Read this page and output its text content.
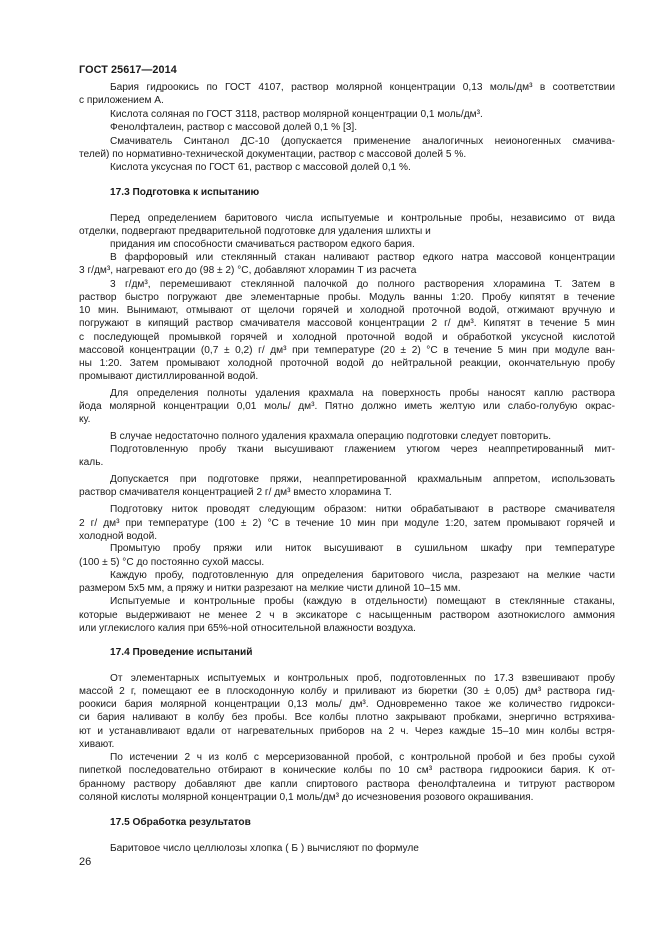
ГОСТ 25617—2014
Бария гидроокись по ГОСТ 4107, раствор молярной концентрации 0,13 моль/дм³ в соответствии
с приложением А.
Кислота соляная по ГОСТ 3118, раствор молярной концентрации 0,1 моль/дм³.
Фенолфталеин, раствор с массовой долей 0,1 % [3].
Смачиватель Синтанол ДС-10 (допускается применение аналогичных неионогенных смачива-
телей) по нормативно-технической документации, раствор с массовой долей 5 %.
Кислота уксусная по ГОСТ 61, раствор с массовой долей 0,1 %.
17.3 Подготовка к испытанию
Перед определением баритового числа испытуемые и контрольные пробы, независимо от вида
отделки, подвергают предварительной подготовке для удаления шлихты и
придания им способности смачиваться раствором едкого бария.
В фарфоровый или стеклянный стакан наливают раствор едкого натра массовой концентрации
3 г/дм³, нагревают его до (98 ± 2) °С, добавляют хлорамин Т из расчета
3 г/дм³, перемешивают стеклянной палочкой до полного растворения хлорамина Т. Затем в
раствор быстро погружают две элементарные пробы. Модуль ванны 1:20. Пробу кипятят в течение
10 мин. Вынимают, отмывают от щелочи горячей и холодной проточной водой, отжимают вручную и
погружают в кипящий раствор смачивателя массовой концентрации 2 г/ дм³. Кипятят в течение 5 мин
с последующей промывкой горячей и холодной проточной водой и обработкой уксусной кислотой
массовой концентрации (0,7 ± 0,2) г/ дм³ при температуре (20 ± 2) °С в течение 5 мин при модуле ван-
ны 1:20. Затем промывают холодной проточной водой до нейтральной реакции, окончательную пробу
промывают дистиллированной водой.
Для определения полноты удаления крахмала на поверхность пробы наносят каплю раствора
йода молярной концентрации 0,01 моль/ дм³. Пятно должно иметь желтую или слабо-голубую окрас-
ку.
В случае недостаточно полного удаления крахмала операцию подготовки следует повторить.
Подготовленную пробу ткани высушивают глажением утюгом через неаппретированный мит-
каль.
Допускается при подготовке пряжи, неаппретированной крахмальным аппретом, использовать
раствор смачивателя концентрацией 2 г/ дм³ вместо хлорамина Т.
Подготовку ниток проводят следующим образом: нитки обрабатывают в растворе смачивателя
2 г/ дм³ при температуре (100 ± 2) °С в течение 10 мин при модуле 1:20, затем промывают горячей и
холодной водой.
Промытую пробу пряжи или ниток высушивают в сушильном шкафу при температуре
(100 ± 5) °С до постоянно сухой массы.
Каждую пробу, подготовленную для определения баритового числа, разрезают на мелкие части
размером 5х5 мм, а пряжу и нитки разрезают на мелкие чисти длиной 10–15 мм.
Испытуемые и контрольные пробы (каждую в отдельности) помещают в стеклянные стаканы,
которые выдерживают не менее 2 ч в эксикаторе с насыщенным раствором азотнокислого аммония
или углекислого калия при 65%-ной относительной влажности воздуха.
17.4 Проведение испытаний
От элементарных испытуемых и контрольных проб, подготовленных по 17.3 взвешивают пробу
массой 2 г, помещают ее в плоскодонную колбу и приливают из бюретки (30 ± 0,05) дм³ раствора гид-
роокиси бария молярной концентрации 0,13 моль/ дм³. Одновременно такое же количество гидрокси-
си бария наливают в колбу без пробы. Все колбы плотно закрывают пробками, энергично встряхива-
ют и устанавливают вдали от нагревательных приборов на 2 ч. Через каждые 15–10 мин колбы встря-
хивают.
По истечении 2 ч из колб с мерсеризованной пробой, с контрольной пробой и без пробы сухой
пипеткой последовательно отбирают в конические колбы по 10 см³ раствора гидроокиси бария. К от-
бранному раствору добавляют две капли спиртового раствора фенолфталеина и титруют раствором
соляной кислоты молярной концентрации 0,1 моль/дм³ до исчезновения розового окрашивания.
17.5 Обработка результатов
Баритовое число целлюлозы хлопка ( Б ) вычисляют по формуле
26
